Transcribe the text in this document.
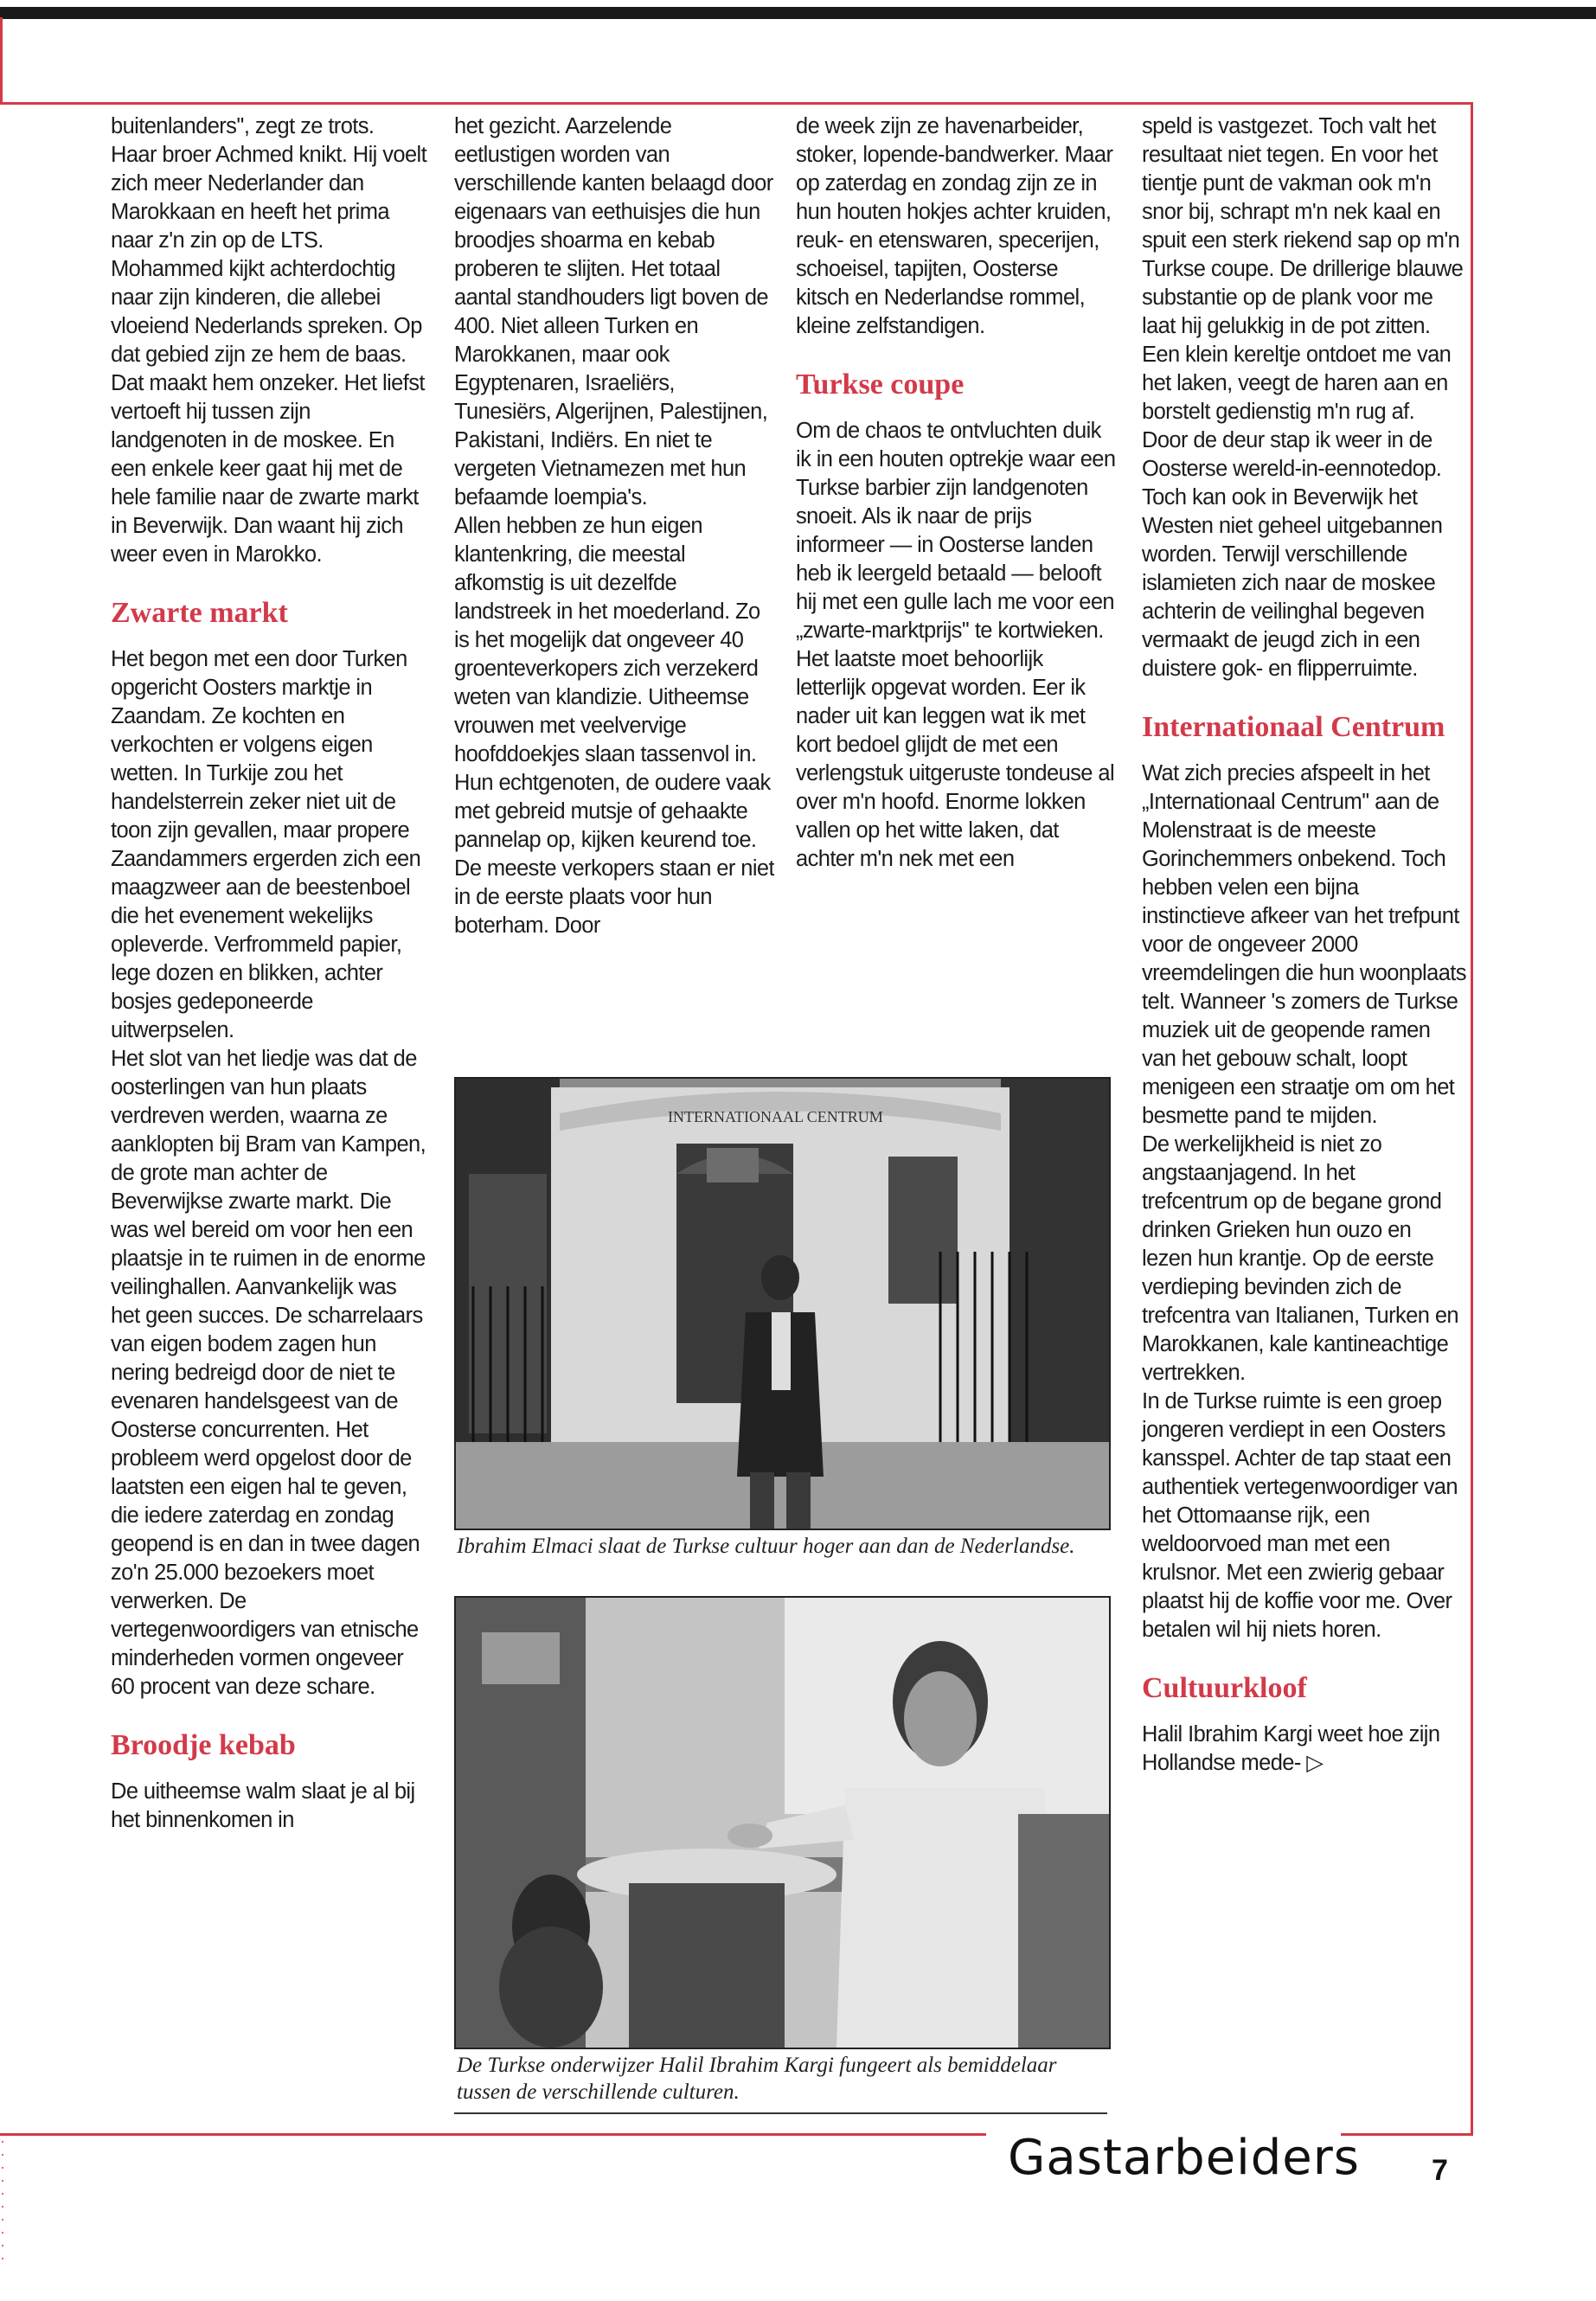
buitenlanders'', zegt ze trots.

Haar broer Achmed knikt. Hij voelt zich meer Nederlander dan Marokkaan en heeft het prima naar z'n zin op de LTS. Mohammed kijkt achterdochtig naar zijn kinderen, die allebei vloeiend Nederlands spreken. Op dat gebied zijn ze hem de baas. Dat maakt hem onzeker. Het liefst vertoeft hij tussen zijn landgenoten in de moskee. En een enkele keer gaat hij met de hele familie naar de zwarte markt in Beverwijk. Dan waant hij zich weer even in Marokko.

Zwarte markt

Het begon met een door Turken opgericht Oosters marktje in Zaandam. Ze kochten en verkochten er volgens eigen wetten. In Turkije zou het handelsterrein zeker niet uit de toon zijn gevallen, maar propere Zaandammers ergerden zich een maagzweer aan de beestenboel die het evenement wekelijks opleverde. Verfrommeld papier, lege dozen en blikken, achter bosjes gedeponeerde uitwerpselen.

Het slot van het liedje was dat de oosterlingen van hun plaats verdreven werden, waarna ze aanklopten bij Bram van Kampen, de grote man achter de Beverwijkse zwarte markt. Die was wel bereid om voor hen een plaatsje in te ruimen in de enorme veilinghallen. Aanvankelijk was het geen succes. De scharrelaars van eigen bodem zagen hun nering bedreigd door de niet te evenaren handelsgeest van de Oosterse concurrenten. Het probleem werd opgelost door de laatsten een eigen hal te geven, die iedere zaterdag en zondag geopend is en dan in twee dagen zo'n 25.000 bezoekers moet verwerken. De vertegenwoordigers van etnische minderheden vormen ongeveer 60 procent van deze schare.

Broodje kebab

De uitheemse walm slaat je al bij het binnenkomen in

het gezicht. Aarzelende eetlustigen worden van verschillende kanten belaagd door eigenaars van eethuisjes die hun broodjes shoarma en kebab proberen te slijten. Het totaal aantal standhouders ligt boven de 400. Niet alleen Turken en Marokkanen, maar ook Egyptenaren, Israeliërs, Tunesiërs, Algerijnen, Palestijnen, Pakistani, Indiërs. En niet te vergeten Vietnamezen met hun befaamde loempia's.

Allen hebben ze hun eigen klantenkring, die meestal afkomstig is uit dezelfde landstreek in het moederland. Zo is het mogelijk dat ongeveer 40 groenteverkopers zich verzekerd weten van klandizie. Uitheemse vrouwen met veelvervige hoofddoekjes slaan tassenvol in. Hun echtgenoten, de oudere vaak met gebreid mutsje of gehaakte pannelap op, kijken keurend toe. De meeste verkopers staan er niet in de eerste plaats voor hun boterham. Door

de week zijn ze havenarbeider, stoker, lopende-bandwerker. Maar op zaterdag en zondag zijn ze in hun houten hokjes achter kruiden, reuk- en etenswaren, specerijen, schoeisel, tapijten, Oosterse kitsch en Nederlandse rommel, kleine zelfstandigen.

Turkse coupe

Om de chaos te ontvluchten duik ik in een houten optrekje waar een Turkse barbier zijn landgenoten snoeit. Als ik naar de prijs informeer — in Oosterse landen heb ik leergeld betaald — belooft hij met een gulle lach me voor een „zwarte-marktprijs'' te kortwieken.

Het laatste moet behoorlijk letterlijk opgevat worden. Eer ik nader uit kan leggen wat ik met kort bedoel glijdt de met een verlengstuk uitgeruste tondeuse al over m'n hoofd. Enorme lokken vallen op het witte laken, dat achter m'n nek met een

speld is vastgezet. Toch valt het resultaat niet tegen. En voor het tientje punt de vakman ook m'n snor bij, schrapt m'n nek kaal en spuit een sterk riekend sap op m'n Turkse coupe. De drillerige blauwe substantie op de plank voor me laat hij gelukkig in de pot zitten. Een klein kereltje ontdoet me van het laken, veegt de haren aan en borstelt gedienstig m'n rug af.

Door de deur stap ik weer in de Oosterse wereld-in-eennotedop. Toch kan ook in Beverwijk het Westen niet geheel uitgebannen worden. Terwijl verschillende islamieten zich naar de moskee achterin de veilinghal begeven vermaakt de jeugd zich in een duistere gok- en flipperruimte.

Internationaal Centrum

Wat zich precies afspeelt in het „Internationaal Centrum'' aan de Molenstraat is de meeste Gorinchemmers onbekend. Toch hebben velen een bijna instinctieve afkeer van het trefpunt voor de ongeveer 2000 vreemdelingen die hun woonplaats telt. Wanneer 's zomers de Turkse muziek uit de geopende ramen van het gebouw schalt, loopt menigeen een straatje om om het besmette pand te mijden.

De werkelijkheid is niet zo angstaanjagend. In het trefcentrum op de begane grond drinken Grieken hun ouzo en lezen hun krantje. Op de eerste verdieping bevinden zich de trefcentra van Italianen, Turken en Marokkanen, kale kantineachtige vertrekken.

In de Turkse ruimte is een groep jongeren verdiept in een Oosters kansspel. Achter de tap staat een authentiek vertegenwoordiger van het Ottomaanse rijk, een weldoorvoed man met een krulsnor. Met een zwierig gebaar plaatst hij de koffie voor me. Over betalen wil hij niets horen.

Cultuurkloof

Halil Ibrahim Kargi weet hoe zijn Hollandse mede- ▷

INTERNATIONAAL CENTRUM
Ibrahim Elmaci slaat de Turkse cultuur hoger aan dan de Nederlandse.
De Turkse onderwijzer Halil Ibrahim Kargi fungeert als bemiddelaar tussen de verschillende culturen.
Gastarbeiders 7
